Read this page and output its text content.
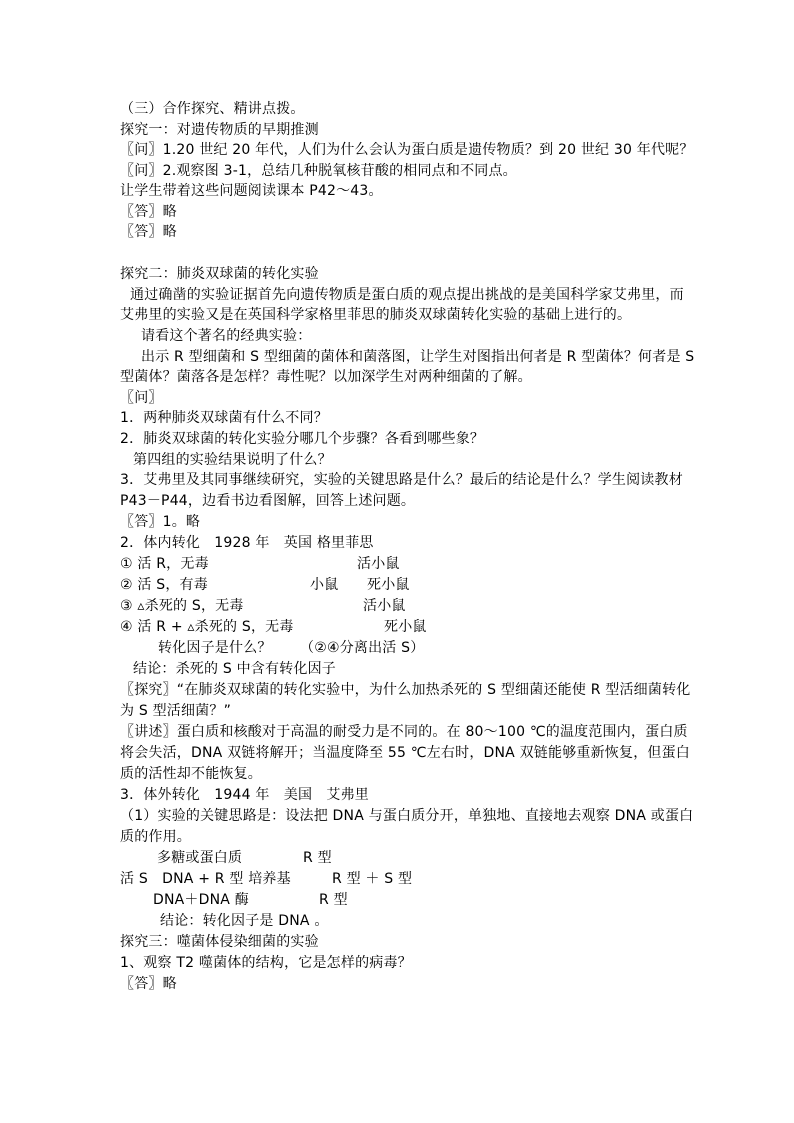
（三）合作探究、精讲点拨。
探究一：对遗传物质的早期推测
〖问〗1.20 世纪 20 年代，人们为什么会认为蛋白质是遗传物质？到 20 世纪 30 年代呢？
〖问〗2.观察图 3-1，总结几种脱氧核苷酸的相同点和不同点。
让学生带着这些问题阅读课本 P42～43。
〖答〗略
〖答〗略
探究二：肺炎双球菌的转化实验
通过确凿的实验证据首先向遗传物质是蛋白质的观点提出挑战的是美国科学家艾弗里，而
艾弗里的实验又是在英国科学家格里菲思的肺炎双球菌转化实验的基础上进行的。
请看这个著名的经典实验：
出示 R 型细菌和 S 型细菌的菌体和菌落图，让学生对图指出何者是 R 型菌体？何者是 S
型菌体？菌落各是怎样？毒性呢？以加深学生对两种细菌的了解。
〖问〗
1．两种肺炎双球菌有什么不同？
2．肺炎双球菌的转化实验分哪几个步骤？各看到哪些象？
第四组的实验结果说明了什么？
3．艾弗里及其同事继续研究，实验的关键思路是什么？最后的结论是什么？学生阅读教材
P43－P44，边看书边看图解，回答上述问题。
〖答〗1。略
2．体内转化　1928 年　英国 格里菲思
① 活 R，无毒	活小鼠
② 活 S，有毒	小鼠 死小鼠
③ ▵杀死的 S，无毒	活小鼠
④ 活 R + ▵杀死的 S，无毒	死小鼠
转化因子是什么？ （②④分离出活 S）
结论：杀死的 S 中含有转化因子
〖探究〗“在肺炎双球菌的转化实验中，为什么加热杀死的 S 型细菌还能使 R 型活细菌转化
为 S 型活细菌？”
〖讲述〗蛋白质和核酸对于高温的耐受力是不同的。在 80～100 ℃的温度范围内，蛋白质
将会失活，DNA 双链将解开；当温度降至 55 ℃左右时，DNA 双链能够重新恢复，但蛋白
质的活性却不能恢复。
3．体外转化　1944 年　美国　艾弗里
（1）实验的关键思路是：设法把 DNA 与蛋白质分开，单独地、直接地去观察 DNA 或蛋白
质的作用。
多糖或蛋白质	R 型
活 S　DNA + R 型 培养基	R 型 ＋ S 型
DNA＋DNA 酶	R 型
结论：转化因子是 DNA 。
探究三：噬菌体侵染细菌的实验
1、观察 T2 噬菌体的结构，它是怎样的病毒？
〖答〗略
